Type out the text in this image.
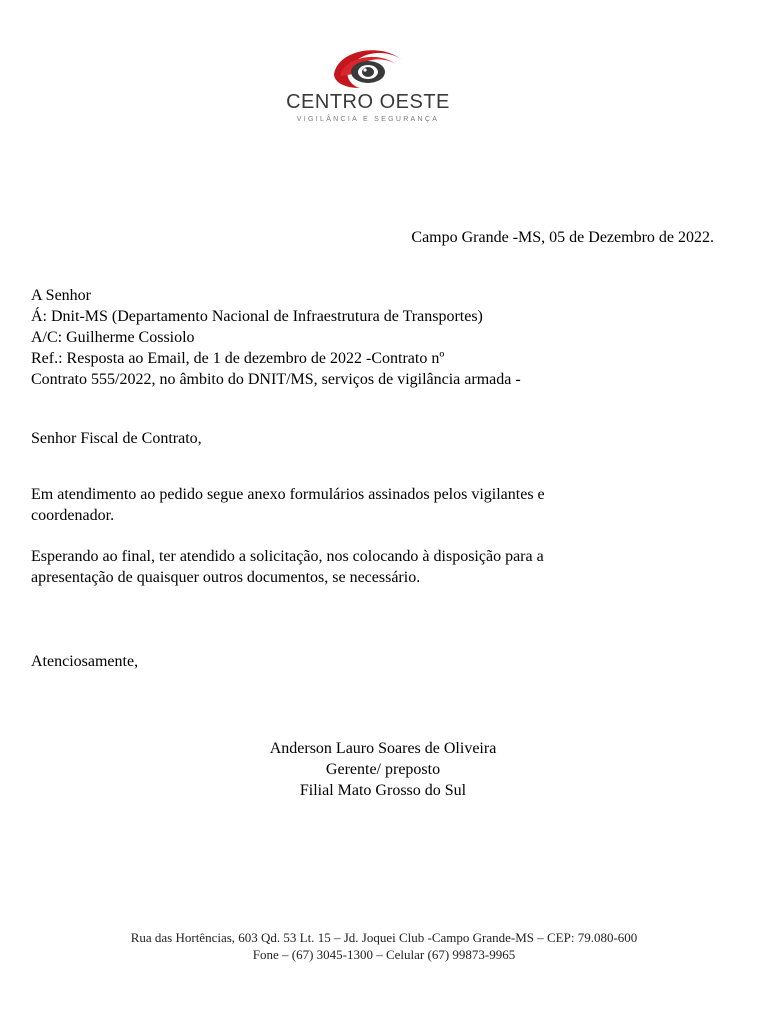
CENTRO OESTE
VIGILÂNCIA E SEGURANÇA
Campo Grande -MS, 05 de Dezembro de 2022.
A Senhor
Á: Dnit-MS (Departamento Nacional de Infraestrutura de Transportes)
A/C: Guilherme Cossiolo
Ref.: Resposta ao Email, de 1 de dezembro de 2022 -Contrato nº
Contrato 555/2022, no âmbito do DNIT/MS, serviços de vigilância armada -
Senhor Fiscal de Contrato,
Em atendimento ao pedido segue anexo formulários assinados pelos vigilantes e
coordenador.
Esperando ao final, ter atendido a solicitação, nos colocando à disposição para a
apresentação de quaisquer outros documentos, se necessário.
Atenciosamente,
Anderson Lauro Soares de Oliveira
Gerente/ preposto
Filial Mato Grosso do Sul
Rua das Hortências, 603 Qd. 53 Lt. 15 – Jd. Joquei Club -Campo Grande-MS – CEP: 79.080-600
Fone – (67) 3045-1300 – Celular (67) 99873-9965
